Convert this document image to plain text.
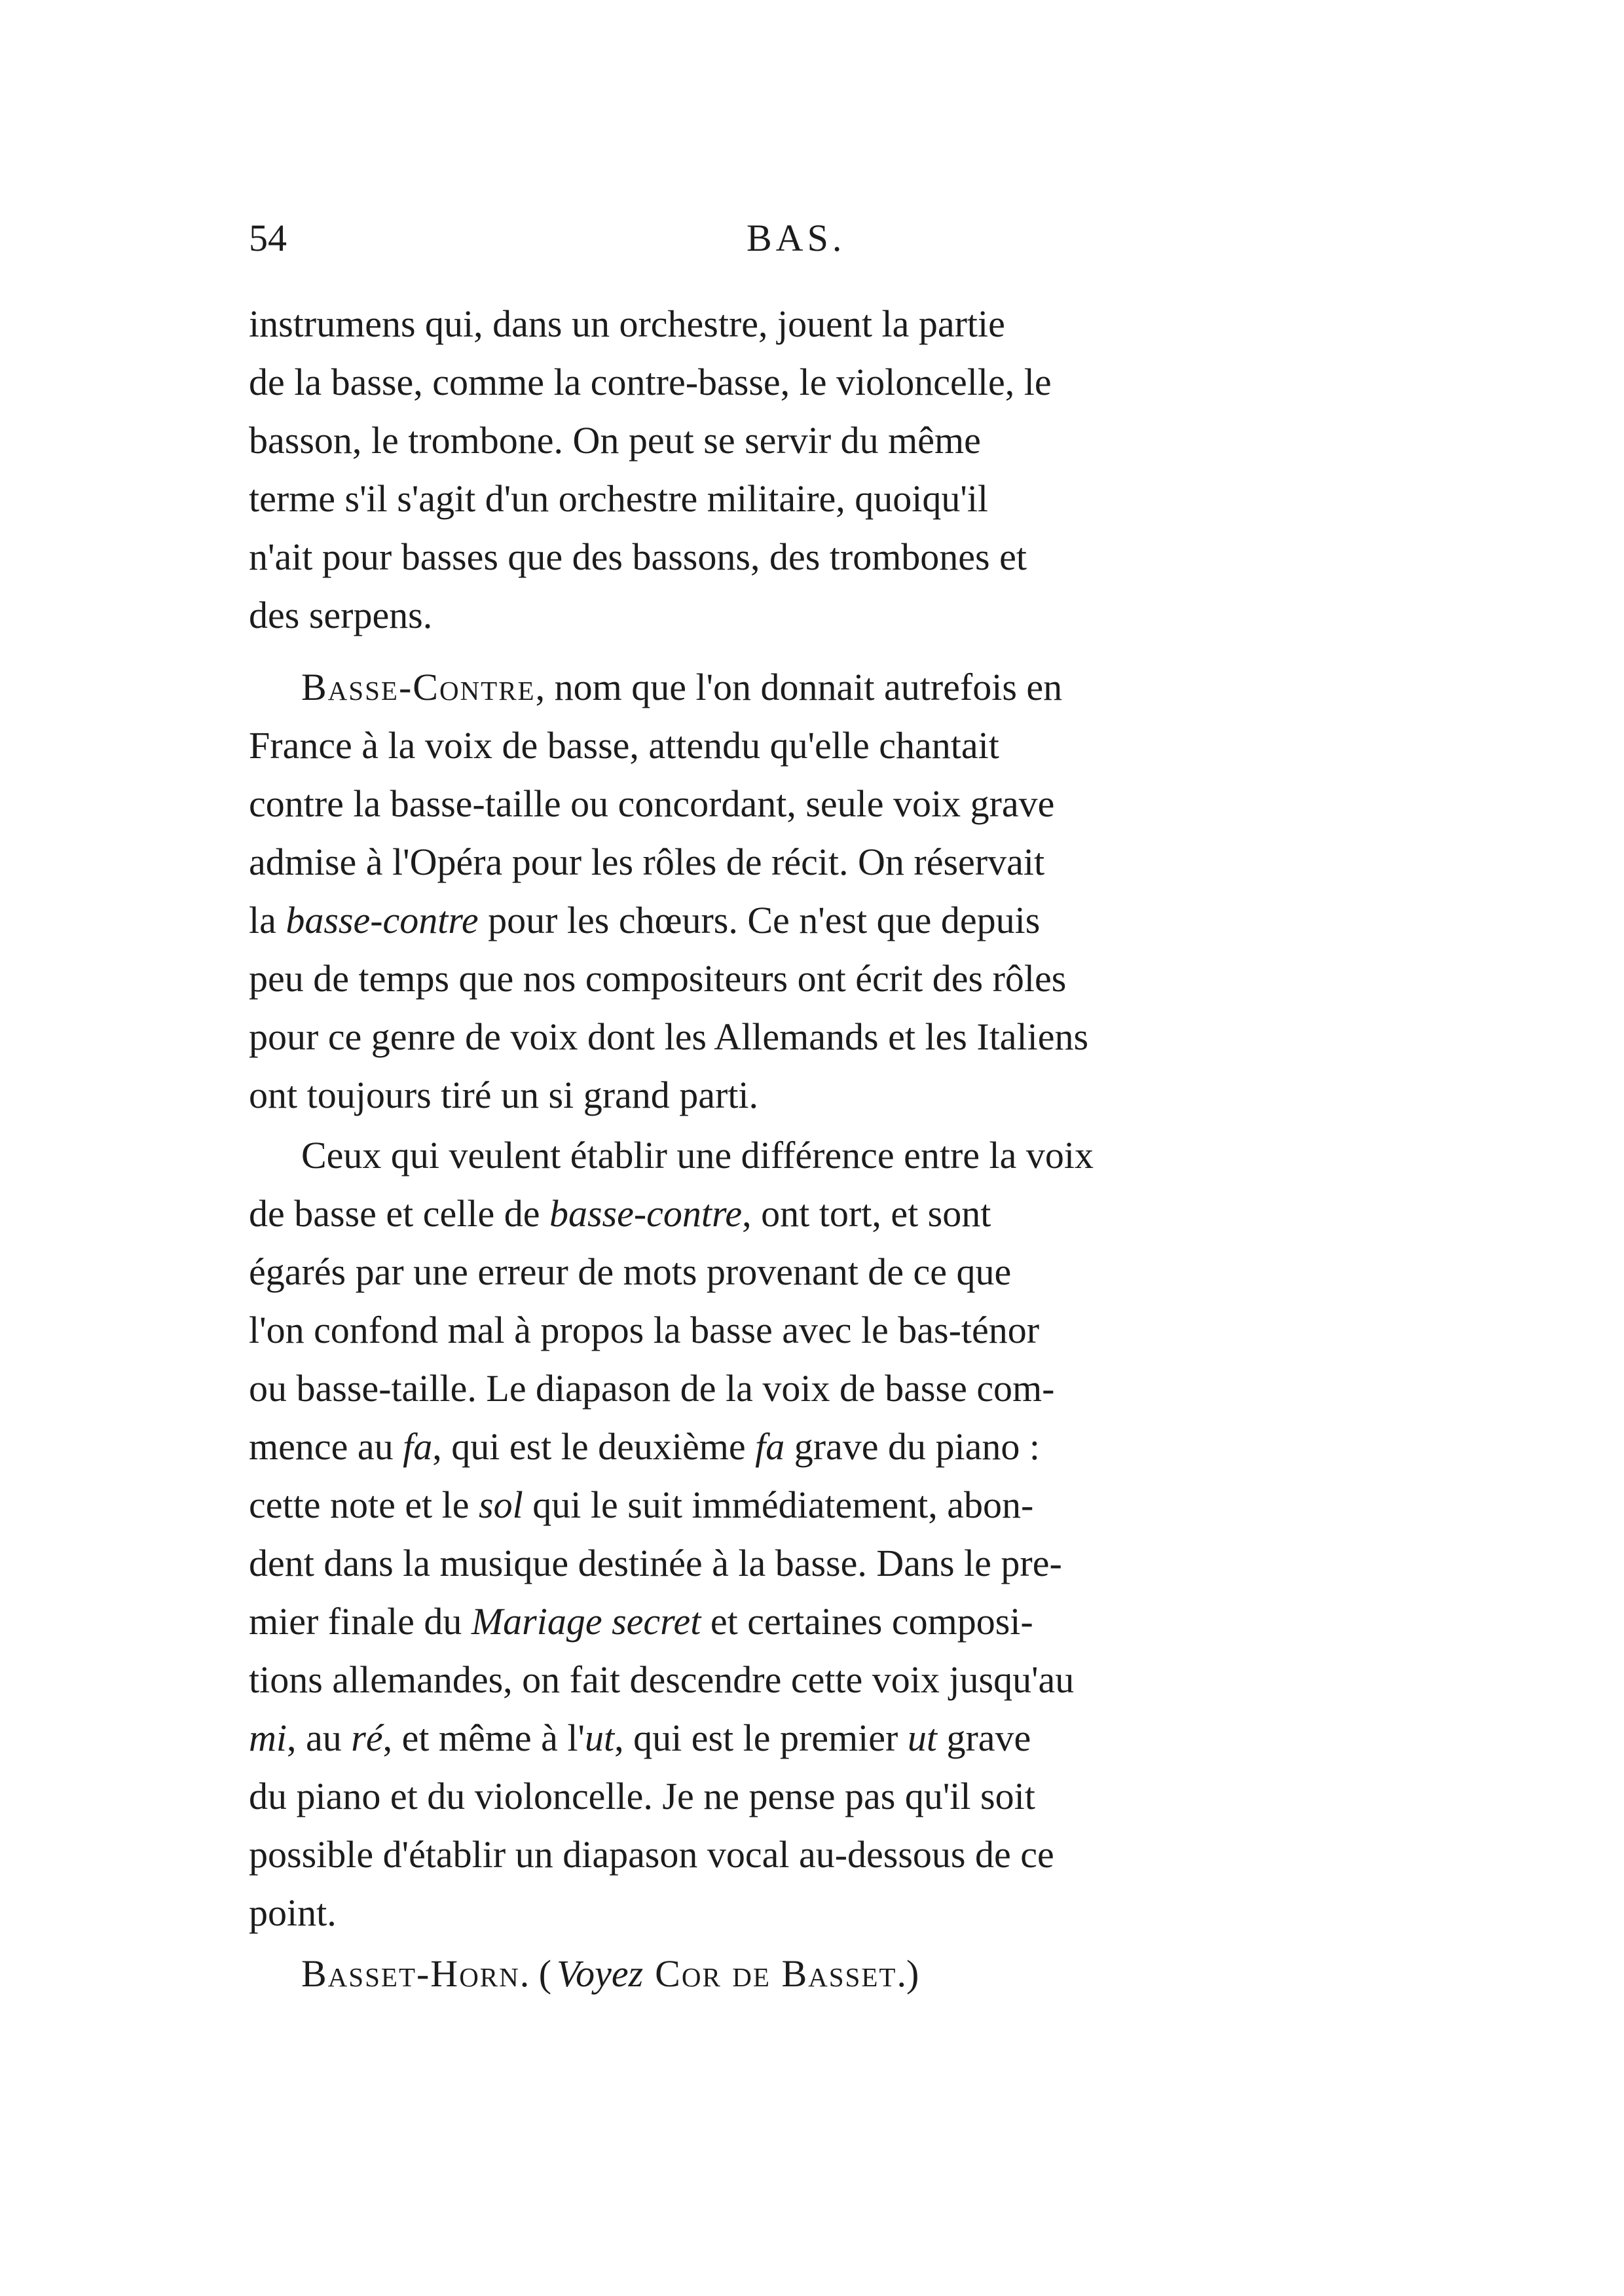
54	BAS.
instrumens qui, dans un orchestre, jouent la partie
de la basse, comme la contre-basse, le violoncelle, le
basson, le trombone. On peut se servir du même
terme s'il s'agit d'un orchestre militaire, quoiqu'il
n'ait pour basses que des bassons, des trombones et
des serpens.
Basse-Contre, nom que l'on donnait autrefois en
France à la voix de basse, attendu qu'elle chantait
contre la basse-taille ou concordant, seule voix grave
admise à l'Opéra pour les rôles de récit. On réservait
la basse-contre pour les chœurs. Ce n'est que depuis
peu de temps que nos compositeurs ont écrit des rôles
pour ce genre de voix dont les Allemands et les Italiens
ont toujours tiré un si grand parti.
Ceux qui veulent établir une différence entre la voix
de basse et celle de basse-contre, ont tort, et sont
égarés par une erreur de mots provenant de ce que
l'on confond mal à propos la basse avec le bas-ténor
ou basse-taille. Le diapason de la voix de basse com-
mence au fa, qui est le deuxième fa grave du piano :
cette note et le sol qui le suit immédiatement, abon-
dent dans la musique destinée à la basse. Dans le pre-
mier finale du Mariage secret et certaines composi-
tions allemandes, on fait descendre cette voix jusqu'au
mi, au ré, et même à l'ut, qui est le premier ut grave
du piano et du violoncelle. Je ne pense pas qu'il soit
possible d'établir un diapason vocal au-dessous de ce
point.
Basset-Horn . ( Voyez Cor de Basset .)
